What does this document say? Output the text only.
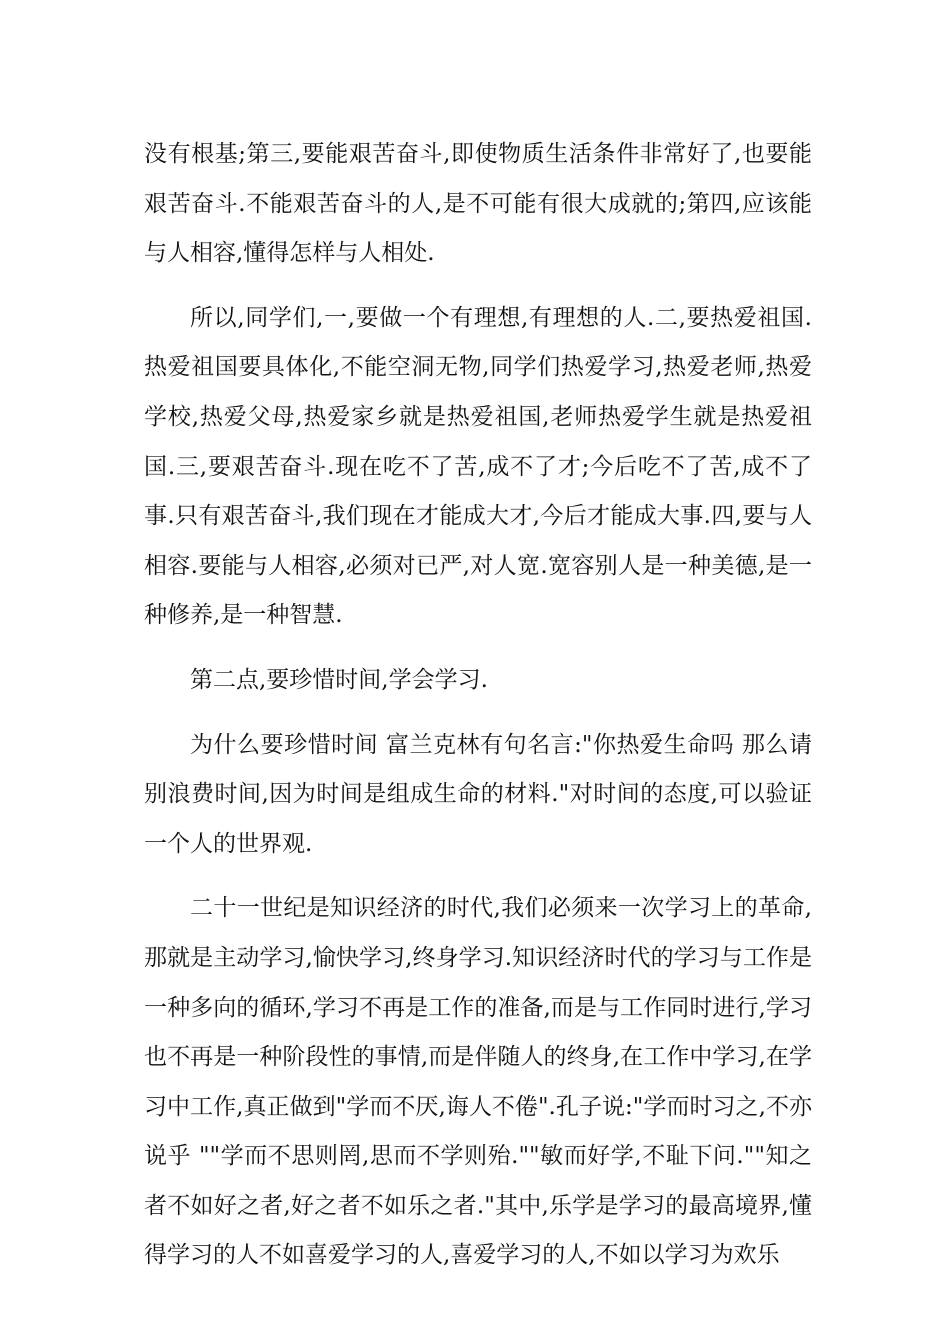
没有根基;第三,要能艰苦奋斗,即使物质生活条件非常好了,也要能艰苦奋斗.不能艰苦奋斗的人,是不可能有很大成就的;第四,应该能与人相容,懂得怎样与人相处.

所以,同学们,一,要做一个有理想,有理想的人.二,要热爱祖国.热爱祖国要具体化,不能空洞无物,同学们热爱学习,热爱老师,热爱学校,热爱父母,热爱家乡就是热爱祖国,老师热爱学生就是热爱祖国.三,要艰苦奋斗.现在吃不了苦,成不了才;今后吃不了苦,成不了事.只有艰苦奋斗,我们现在才能成大才,今后才能成大事.四,要与人相容.要能与人相容,必须对已严,对人宽.宽容别人是一种美德,是一种修养,是一种智慧.

第二点,要珍惜时间,学会学习.

为什么要珍惜时间 富兰克林有句名言:"你热爱生命吗 那么请别浪费时间,因为时间是组成生命的材料."对时间的态度,可以验证一个人的世界观.

二十一世纪是知识经济的时代,我们必须来一次学习上的革命,那就是主动学习,愉快学习,终身学习.知识经济时代的学习与工作是一种多向的循环,学习不再是工作的准备,而是与工作同时进行,学习也不再是一种阶段性的事情,而是伴随人的终身,在工作中学习,在学习中工作,真正做到"学而不厌,诲人不倦".孔子说:"学而时习之,不亦说乎 ""学而不思则罔,思而不学则殆.""敏而好学,不耻下问.""知之者不如好之者,好之者不如乐之者."其中,乐学是学习的最高境界,懂得学习的人不如喜爱学习的人,喜爱学习的人,不如以学习为欢乐
